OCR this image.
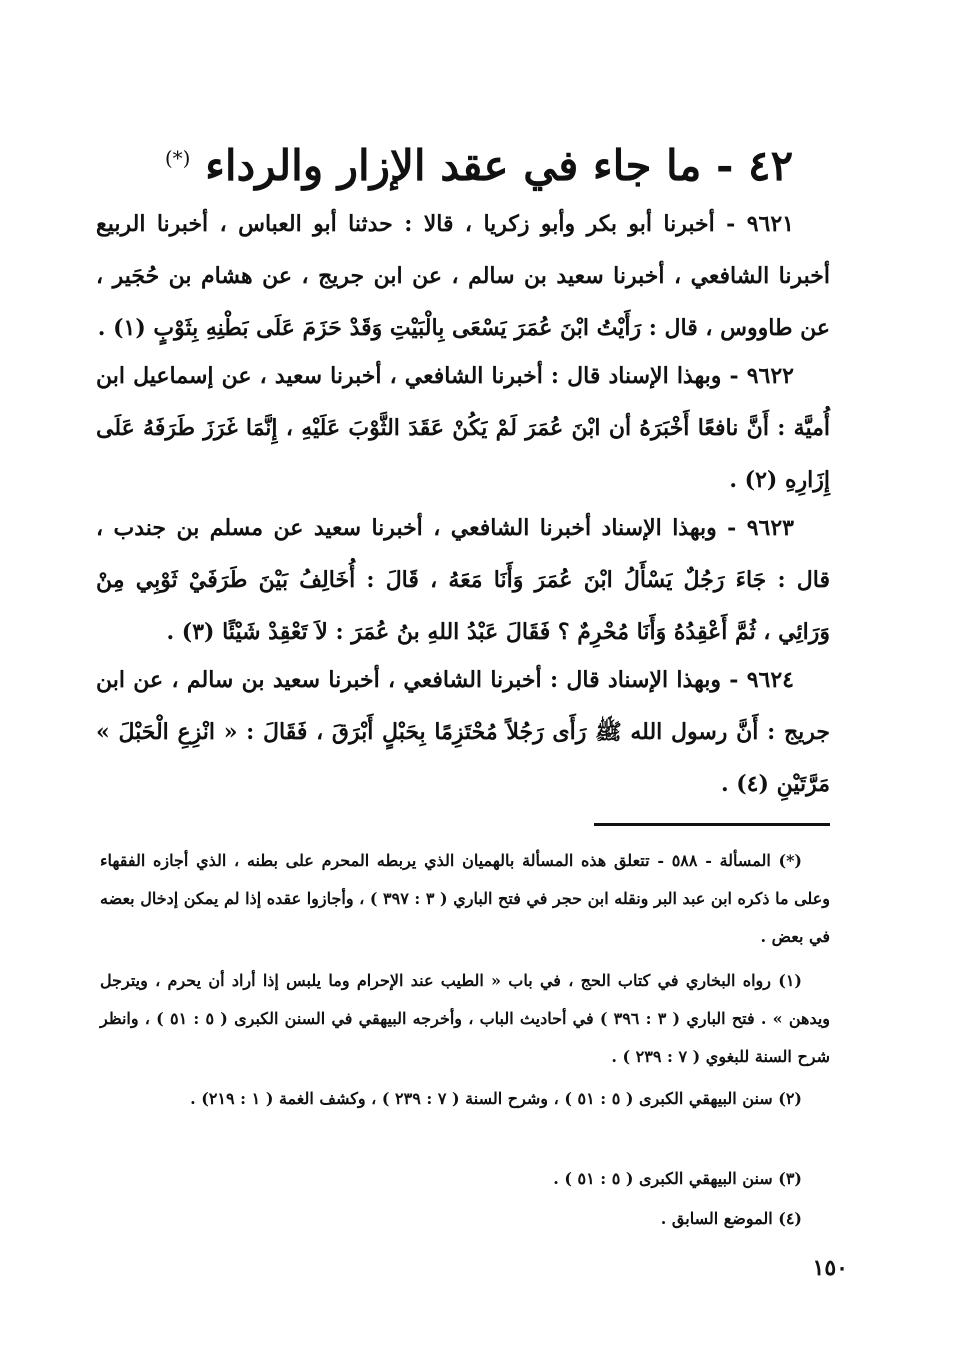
٤٢ - ما جاء في عقد الإزار والرداء (*)
٩٦٢١ - أخبرنا أبو بكر وأبو زكريا ، قالا : حدثنا أبو العباس ، أخبرنا الربيع أخبرنا الشافعي ، أخبرنا سعيد بن سالم ، عن ابن جريج ، عن هشام بن حُجَير ، عن طاووس ، قال : رَأَيْتُ ابْنَ عُمَرَ يَسْعَى بِالْبَيْتِ وَقَدْ حَزَمَ عَلَى بَطْنِهِ بِثَوْبٍ (١) .
٩٦٢٢ - وبهذا الإسناد قال : أخبرنا الشافعي ، أخبرنا سعيد ، عن إسماعيل ابن أُميَّة : أَنَّ نافعًا أَخْبَرَهُ أن ابْنَ عُمَرَ لَمْ يَكُنْ عَقَدَ الثَّوْبَ عَلَيْهِ ، إِنَّمَا غَرَزَ طَرَفَهُ عَلَى إِزَارِهِ (٢) .
٩٦٢٣ - وبهذا الإسناد أخبرنا الشافعي ، أخبرنا سعيد عن مسلم بن جندب ، قال : جَاءَ رَجُلٌ يَسْأَلُ ابْنَ عُمَرَ وَأَنَا مَعَهُ ، قَالَ : أُخَالِفُ بَيْنَ طَرَفَيْ ثَوْبِي مِنْ وَرَائِي ، ثُمَّ أَعْقِدُهُ وَأَنَا مُحْرِمٌ ؟ فَقَالَ عَبْدُ اللهِ بنُ عُمَرَ : لاَ تَعْقِدْ شَيْئًا (٣) .
٩٦٢٤ - وبهذا الإسناد قال : أخبرنا الشافعي ، أخبرنا سعيد بن سالم ، عن ابن جريج : أَنَّ رسول الله ﷺ رَأَى رَجُلاً مُحْتَزِمًا بِحَبْلٍ أَبْرَقَ ، فَقَالَ : « انْزِعِ الْحَبْلَ » مَرَّتَيْنِ (٤) .
(*) المسألة - ٥٨٨ - تتعلق هذه المسألة بالهميان الذي يربطه المحرم على بطنه ، الذي أجازه الفقهاء وعلى ما ذكره ابن عبد البر ونقله ابن حجر في فتح الباري ( ٣ : ٣٩٧ ) ، وأجازوا عقده إذا لم يمكن إدخال بعضه في بعض .
(١) رواه البخاري في كتاب الحج ، في باب « الطيب عند الإحرام وما يلبس إذا أراد أن يحرم ، ويترجل ويدهن » . فتح الباري ( ٣ : ٣٩٦ ) في أحاديث الباب ، وأخرجه البيهقي في السنن الكبرى ( ٥ : ٥١ ) ، وانظر شرح السنة للبغوي ( ٧ : ٢٣٩ ) .
(٢) سنن البيهقي الكبرى ( ٥ : ٥١ ) ، وشرح السنة ( ٧ : ٢٣٩ ) ، وكشف الغمة ( ١ : ٢١٩) .
(٣) سنن البيهقي الكبرى ( ٥ : ٥١ ) .
(٤) الموضع السابق .
١٥٠
